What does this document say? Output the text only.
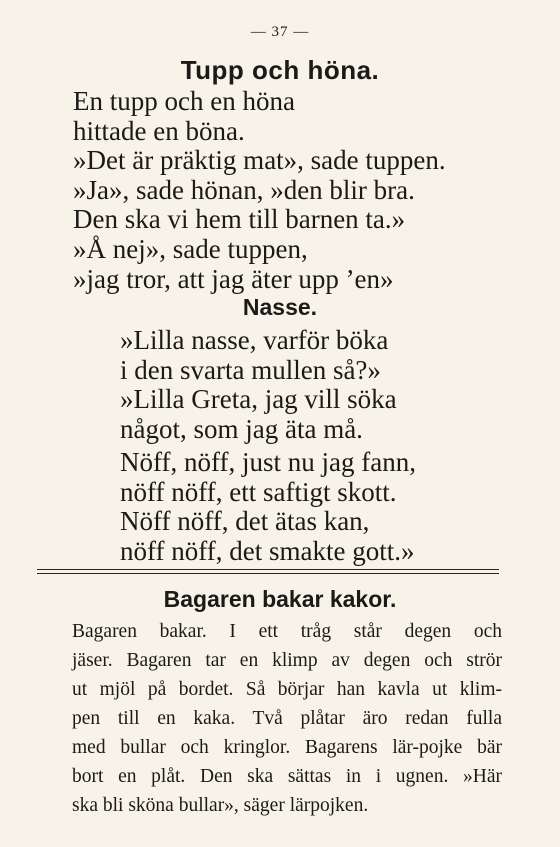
— 37 —
Tupp och höna.
En tupp och en höna
hittade en böna.
»Det är präktig mat», sade tuppen.
»Ja», sade hönan, »den blir bra.
Den ska vi hem till barnen ta.»
»Å nej», sade tuppen,
»jag tror, att jag äter upp ’en»
Nasse.
»Lilla nasse, varför böka
i den svarta mullen så?»
»Lilla Greta, jag vill söka
något, som jag äta må.
Nöff, nöff, just nu jag fann,
nöff nöff, ett saftigt skott.
Nöff nöff, det ätas kan,
nöff nöff, det smakte gott.»
Bagaren bakar kakor.
Bagaren bakar. I ett tråg står degen och
jäser. Bagaren tar en klimp av degen och strör
ut mjöl på bordet. Så börjar han kavla ut klim-
pen till en kaka. Två plåtar äro redan fulla
med bullar och kringlor. Bagarens lär-pojke bär
bort en plåt. Den ska sättas in i ugnen. »Här
ska bli sköna bullar», säger lärpojken.
